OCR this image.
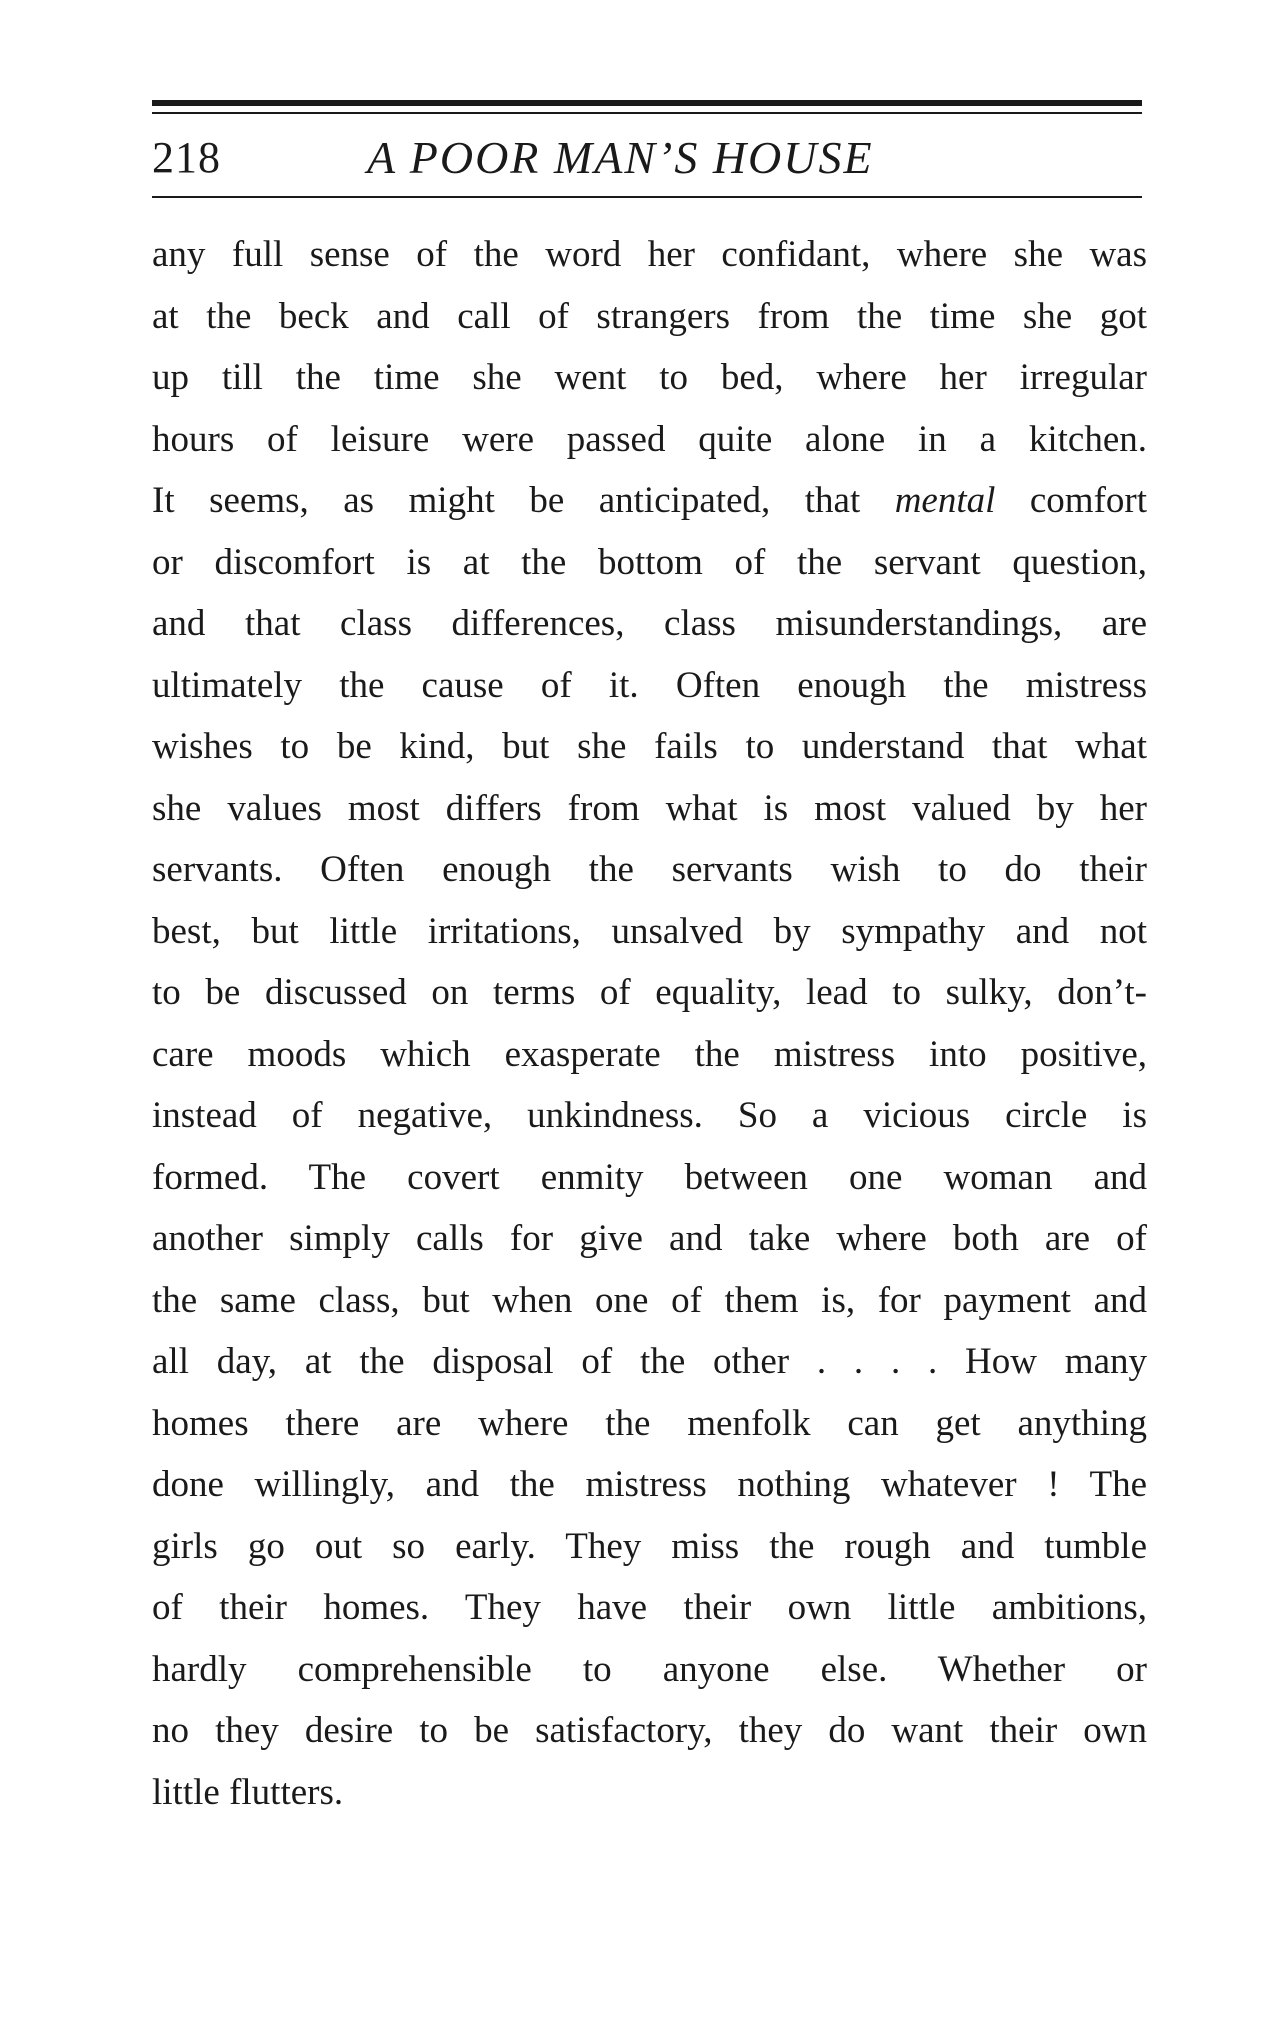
218	A POOR MAN’S HOUSE
any full sense of the word her confidant, where she was
at the beck and call of strangers from the time she got
up till the time she went to bed, where her irregular
hours of leisure were passed quite alone in a kitchen.
It seems, as might be anticipated, that mental comfort
or discomfort is at the bottom of the servant question,
and that class differences, class misunderstandings, are
ultimately the cause of it. Often enough the mistress
wishes to be kind, but she fails to understand that what
she values most differs from what is most valued by her
servants. Often enough the servants wish to do their
best, but little irritations, unsalved by sympathy and not
to be discussed on terms of equality, lead to sulky, don’t-
care moods which exasperate the mistress into positive,
instead of negative, unkindness. So a vicious circle is
formed. The covert enmity between one woman and
another simply calls for give and take where both are of
the same class, but when one of them is, for payment and
all day, at the disposal of the other . . . . How many
homes there are where the menfolk can get anything
done willingly, and the mistress nothing whatever ! The
girls go out so early. They miss the rough and tumble
of their homes. They have their own little ambitions,
hardly comprehensible to anyone else. Whether or
no they desire to be satisfactory, they do want their own
little flutters.
